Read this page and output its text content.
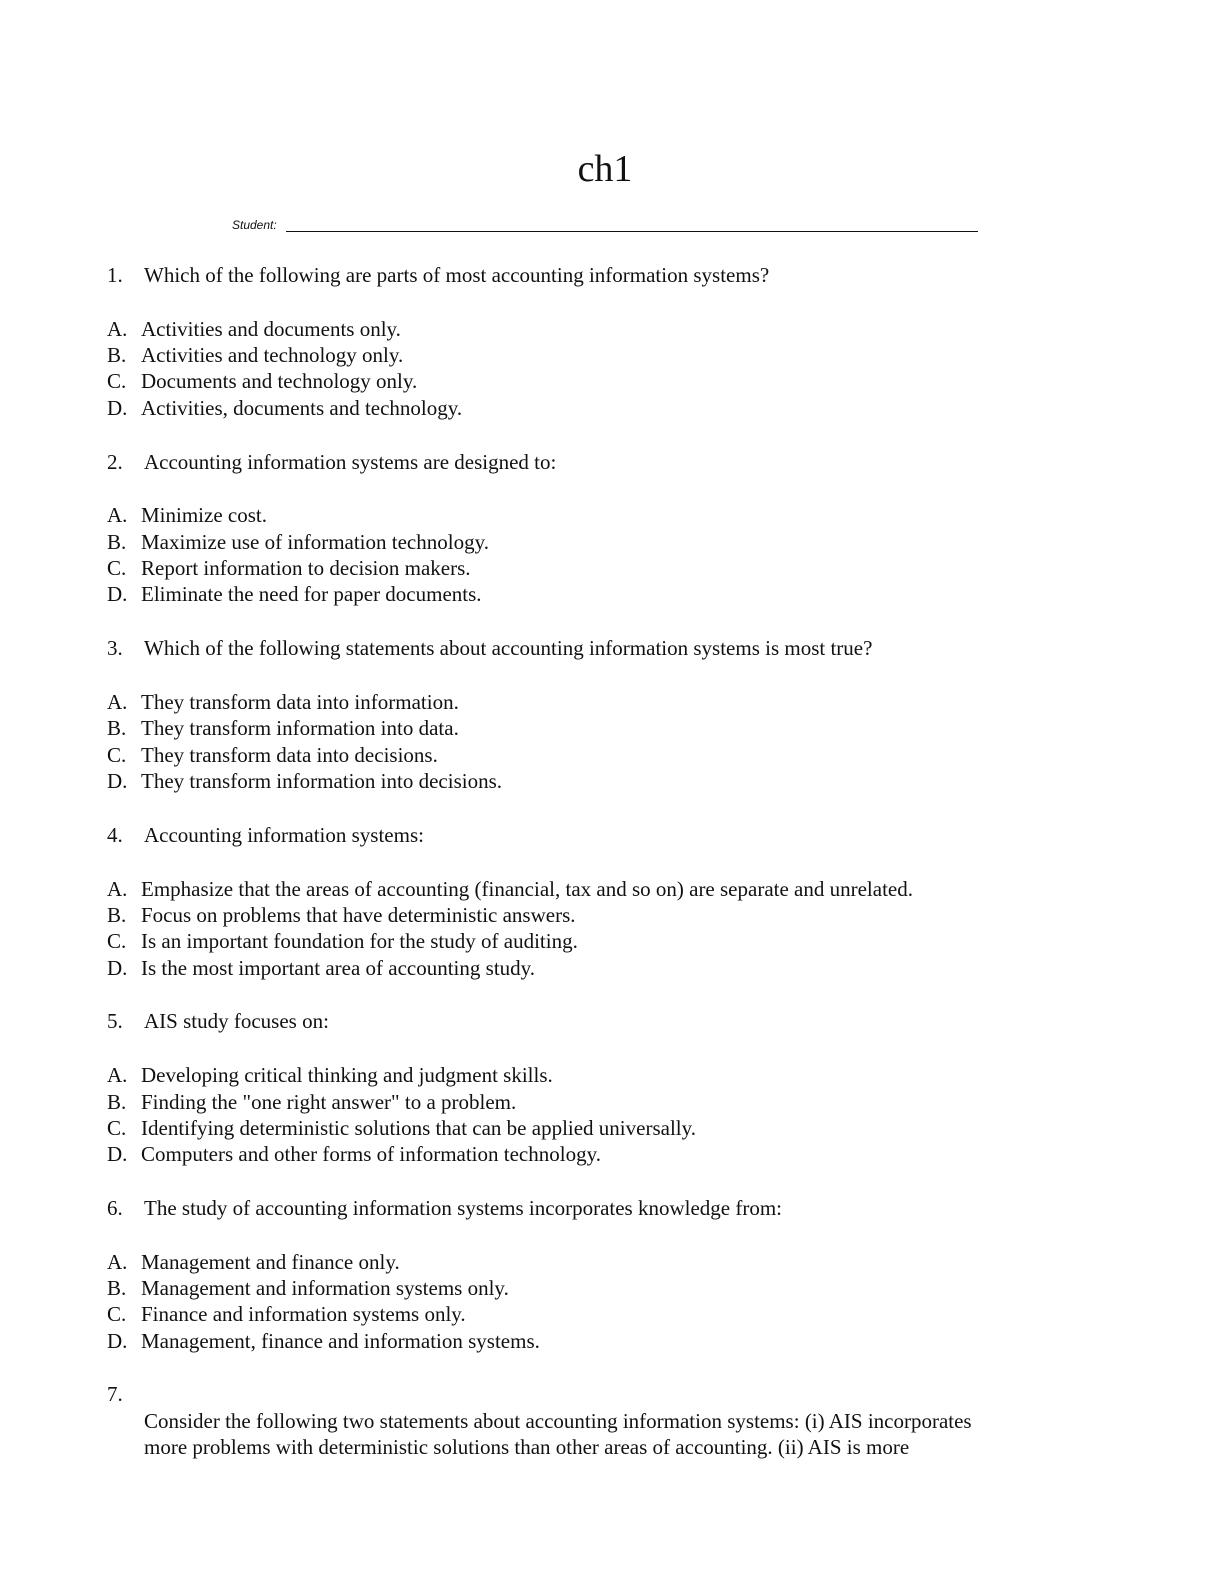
ch1
Student:
1. Which of the following are parts of most accounting information systems?
A. Activities and documents only.
B. Activities and technology only.
C. Documents and technology only.
D. Activities, documents and technology.
2. Accounting information systems are designed to:
A. Minimize cost.
B. Maximize use of information technology.
C. Report information to decision makers.
D. Eliminate the need for paper documents.
3. Which of the following statements about accounting information systems is most true?
A. They transform data into information.
B. They transform information into data.
C. They transform data into decisions.
D. They transform information into decisions.
4. Accounting information systems:
A. Emphasize that the areas of accounting (financial, tax and so on) are separate and unrelated.
B. Focus on problems that have deterministic answers.
C. Is an important foundation for the study of auditing.
D. Is the most important area of accounting study.
5. AIS study focuses on:
A. Developing critical thinking and judgment skills.
B. Finding the "one right answer" to a problem.
C. Identifying deterministic solutions that can be applied universally.
D. Computers and other forms of information technology.
6. The study of accounting information systems incorporates knowledge from:
A. Management and finance only.
B. Management and information systems only.
C. Finance and information systems only.
D. Management, finance and information systems.
7.
Consider the following two statements about accounting information systems: (i) AIS incorporates
more problems with deterministic solutions than other areas of accounting. (ii) AIS is more
